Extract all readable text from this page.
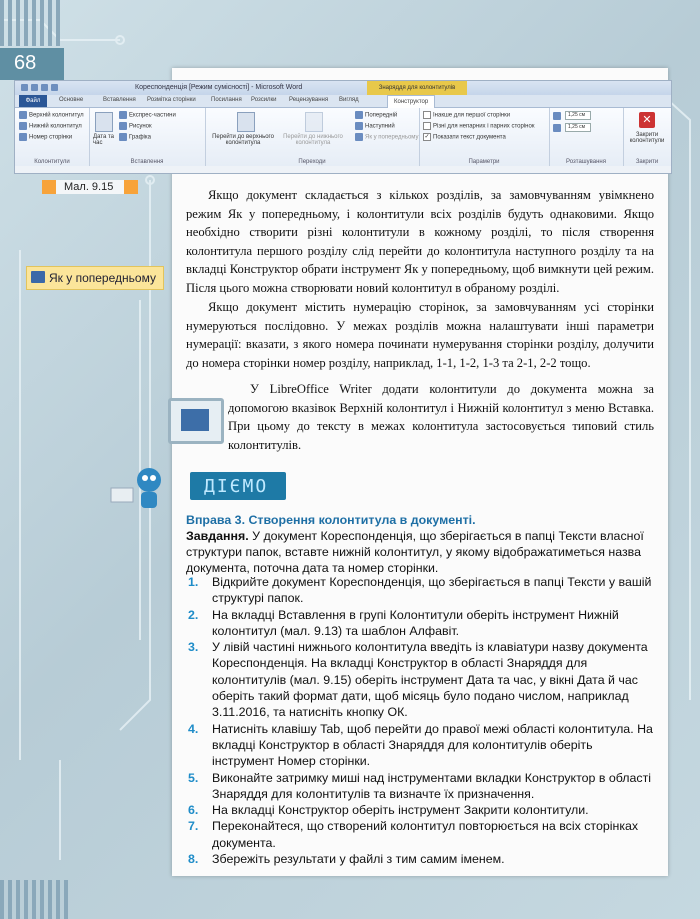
68
Кореспонденція [Режим сумісності] - Microsoft Word	Знаряддя для колонтитулів
Файл	Основне	Вставлення Розмітка сторінки	Посилання Розсилки Рецензування Вигляд	Конструктор
Верхній колонтитул
Нижній колонтитул
Номер сторінки
Колонтитули
Дата та час
Експрес-частини
Рисунок
Графіка
Вставлення
Перейти до верхнього колонтитула
Перейти до нижнього колонтитула
Попередній
Наступний
Як у попередньому
Переходи
Інакше для першої сторінки
Різні для непарних і парних сторінок
✓ Показати текст документа
Параметри
1,25 см
1,25 см
Розташування
✕
Закрити колонтитули
Закрити
Мал. 9.15
Як у попередньому

Якщо документ складається з кількох розділів, за замовчуванням увімкнено режим Як у попередньому, і колонтитули всіх розділів будуть однаковими. Якщо необхідно створити різні колонтитули в кожному розділі, то після створення колонтитула першого розділу слід перейти до колонтитула наступного розділу та на вкладці Конструктор обрати інструмент Як у попередньому, щоб вимкнути цей режим. Після цього можна створювати новий колонтитул в обраному розділі.

Якщо документ містить нумерацію сторінок, за замовчуванням усі сторінки нумеруються послідовно. У межах розділів можна налаштувати інші параметри нумерації: вказати, з якого номера починати нумерування сторінки розділу, долучити до номера сторінки номер розділу, наприклад, 1-1, 1-2, 1-3 та 2-1, 2-2 тощо.

У LibreOffice Writer додати колонтитули до документа можна за допомогою вказівок Верхній колонтитул і Нижній колонтитул з меню Вставка. При цьому до тексту в межах колонтитула застосовується типовий стиль колонтитулів.

ДІЄМО
Вправа 3. Створення колонтитула в документі.
Завдання. У документ Кореспонденція, що зберігається в папці Тексти власної структури папок, вставте нижній колонтитул, у якому відображатиметься назва документа, поточна дата та номер сторінки.
1. Відкрийте документ Кореспонденція, що зберігається в папці Тексти у вашій структурі папок.
2. На вкладці Вставлення в групі Колонтитули оберіть інструмент Нижній колонтитул (мал. 9.13) та шаблон Алфавіт.
3. У лівій частині нижнього колонтитула введіть із клавіатури назву документа Кореспонденція. На вкладці Конструктор в області Знаряддя для колонтитулів (мал. 9.15) оберіть інструмент Дата та час, у вікні Дата й час оберіть такий формат дати, щоб місяць було подано числом, наприклад 3.11.2016, та натисніть кнопку ОК.
4. Натисніть клавішу Tab, щоб перейти до правої межі області колонтитула. На вкладці Конструктор в області Знаряддя для колонтитулів оберіть інструмент Номер сторінки.
5. Виконайте затримку миші над інструментами вкладки Конструктор в області Знаряддя для колонтитулів та визначте їх призначення.
6. На вкладці Конструктор оберіть інструмент Закрити колонтитули.
7. Переконайтеся, що створений колонтитул повторюється на всіх сторінках документа.
8. Збережіть результати у файлі з тим самим іменем.
